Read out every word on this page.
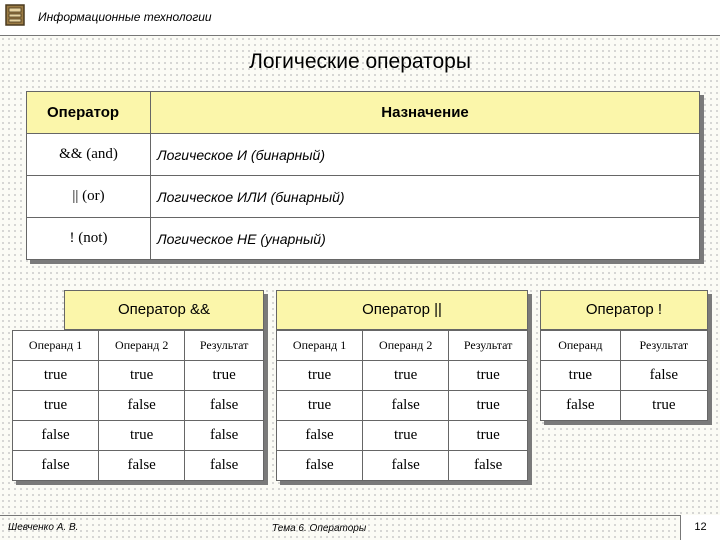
Информационные технологии
Логические операторы
Оператор	Назначение
&& (and)	Логическое И (бинарный)
|| (or)	Логическое ИЛИ (бинарный)
! (not)	Логическое НЕ (унарный)
Оператор &&
Операнд 1	Операнд 2	Результат
true	true	true
true	false	false
false	true	false
false	false	false
Оператор ||
Операнд 1	Операнд 2	Результат
true	true	true
true	false	true
false	true	true
false	false	false
Оператор !
Операнд	Результат
true	false
false	true
Шевченко А. В.	Тема 6. Операторы	12
